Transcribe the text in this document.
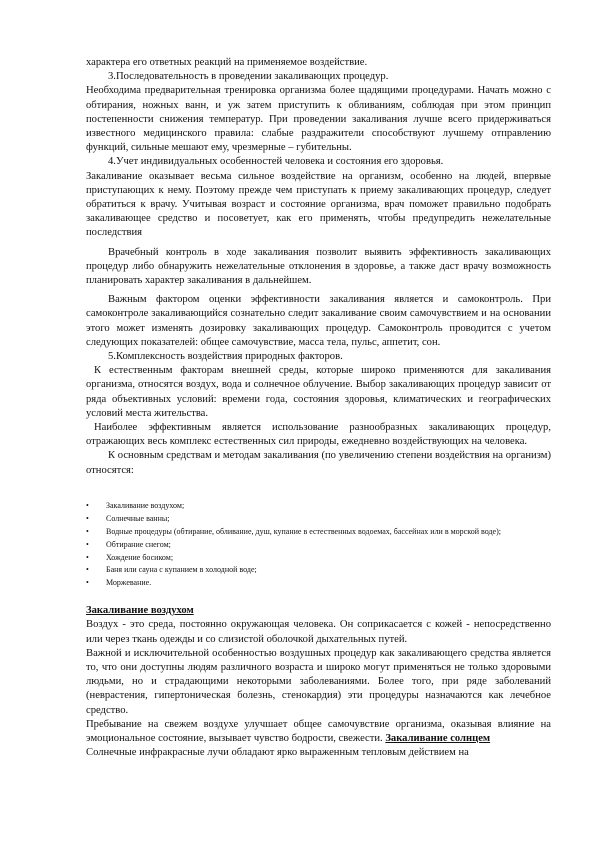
характера его ответных реакций на применяемое воздействие.

3.Последовательность в проведении закаливающих процедур.

Необходима предварительная тренировка организма более щадящими процедурами. Начать можно с обтирания, ножных ванн, и уж затем приступить к обливаниям, соблюдая при этом принцип постепенности снижения температур. При проведении закаливания лучше всего придерживаться известного медицинского правила: слабые раздражители способствуют лучшему отправлению функций, сильные мешают ему, чрезмерные – губительны.

4.Учет индивидуальных особенностей человека и состояния его здоровья.

Закаливание оказывает весьма сильное воздействие на организм, особенно на людей, впервые приступающих к нему. Поэтому прежде чем приступать к приему закаливающих процедур, следует обратиться к врачу. Учитывая возраст и состояние организма, врач поможет правильно подобрать закаливающее средство и посоветует, как его применять, чтобы предупредить нежелательные последствия

Врачебный контроль в ходе закаливания позволит выявить эффективность закаливающих процедур либо обнаружить нежелательные отклонения в здоровье, а также даст врачу возможность планировать характер закаливания в дальнейшем.

Важным фактором оценки эффективности закаливания является и самоконтроль. При самоконтроле закаливающийся сознательно следит закаливание своим самочувствием и на основании этого может изменять дозировку закаливающих процедур. Самоконтроль проводится с учетом следующих показателей: общее самочувствие, масса тела, пульс, аппетит, сон.

5.Комплексность воздействия природных факторов.

К естественным факторам внешней среды, которые широко применяются для закаливания организма, относятся воздух, вода и солнечное облучение. Выбор закаливающих процедур зависит от ряда объективных условий: времени года, состояния здоровья, климатических и географических условий места жительства.

Наиболее эффективным является использование разнообразных закаливающих процедур, отражающих весь комплекс естественных сил природы, ежедневно воздействующих на человека.

К основным средствам и методам закаливания (по увеличению степени воздействия на организм) относятся:

• Закаливание воздухом;
• Солнечные ванны;
• Водные процедуры (обтирание, обливание, душ, купание в естественных водоемах, бассейнах или в морской воде);
• Обтирание снегом;
• Хождение босиком;
• Баня или сауна с купанием в холодной воде;
• Моржевание.

Закаливание воздухом

Воздух - это среда, постоянно окружающая человека. Он соприкасается с кожей - непосредственно или через ткань одежды и со слизистой оболочкой дыхательных путей.

Важной и исключительной особенностью воздушных процедур как закаливающего средства является то, что они доступны людям различного возраста и широко могут применяться не только здоровыми людьми, но и страдающими некоторыми заболеваниями. Более того, при ряде заболеваний (неврастения, гипертоническая болезнь, стенокардия) эти процедуры назначаются как лечебное средство.

Пребывание на свежем воздухе улучшает общее самочувствие организма, оказывая влияние на эмоциональное состояние, вызывает чувство бодрости, свежести. Закаливание солнцем

Солнечные инфракрасные лучи обладают ярко выраженным тепловым действием на
